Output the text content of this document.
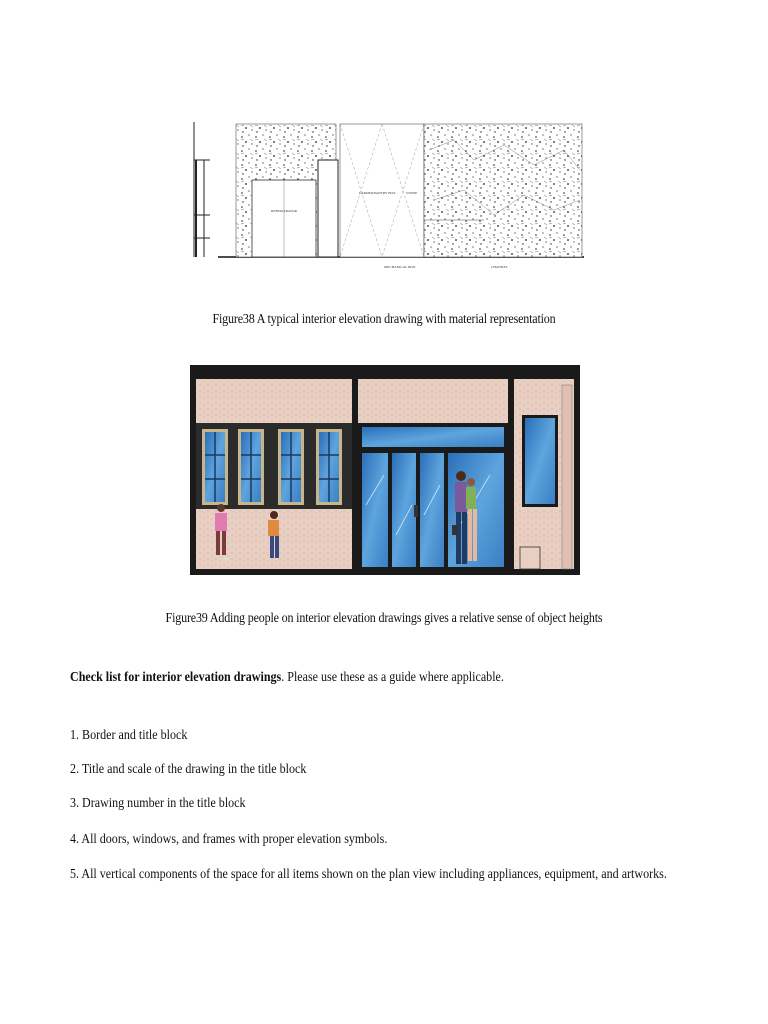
REFRIGERATOR
LARDER/PANTRY BOX	STONE
MECHANICAL BOX	CHANNEL
Figure38 A typical interior elevation drawing with material representation
Figure39 Adding people on interior elevation drawings gives a relative sense of object heights
Check list for interior elevation drawings. Please use these as a guide where applicable.
1. Border and title block
2. Title and scale of the drawing in the title block
3. Drawing number in the title block
4. All doors, windows, and frames with proper elevation symbols.
5. All vertical components of the space for all items shown on the plan view including appliances, equipment, and artworks.
